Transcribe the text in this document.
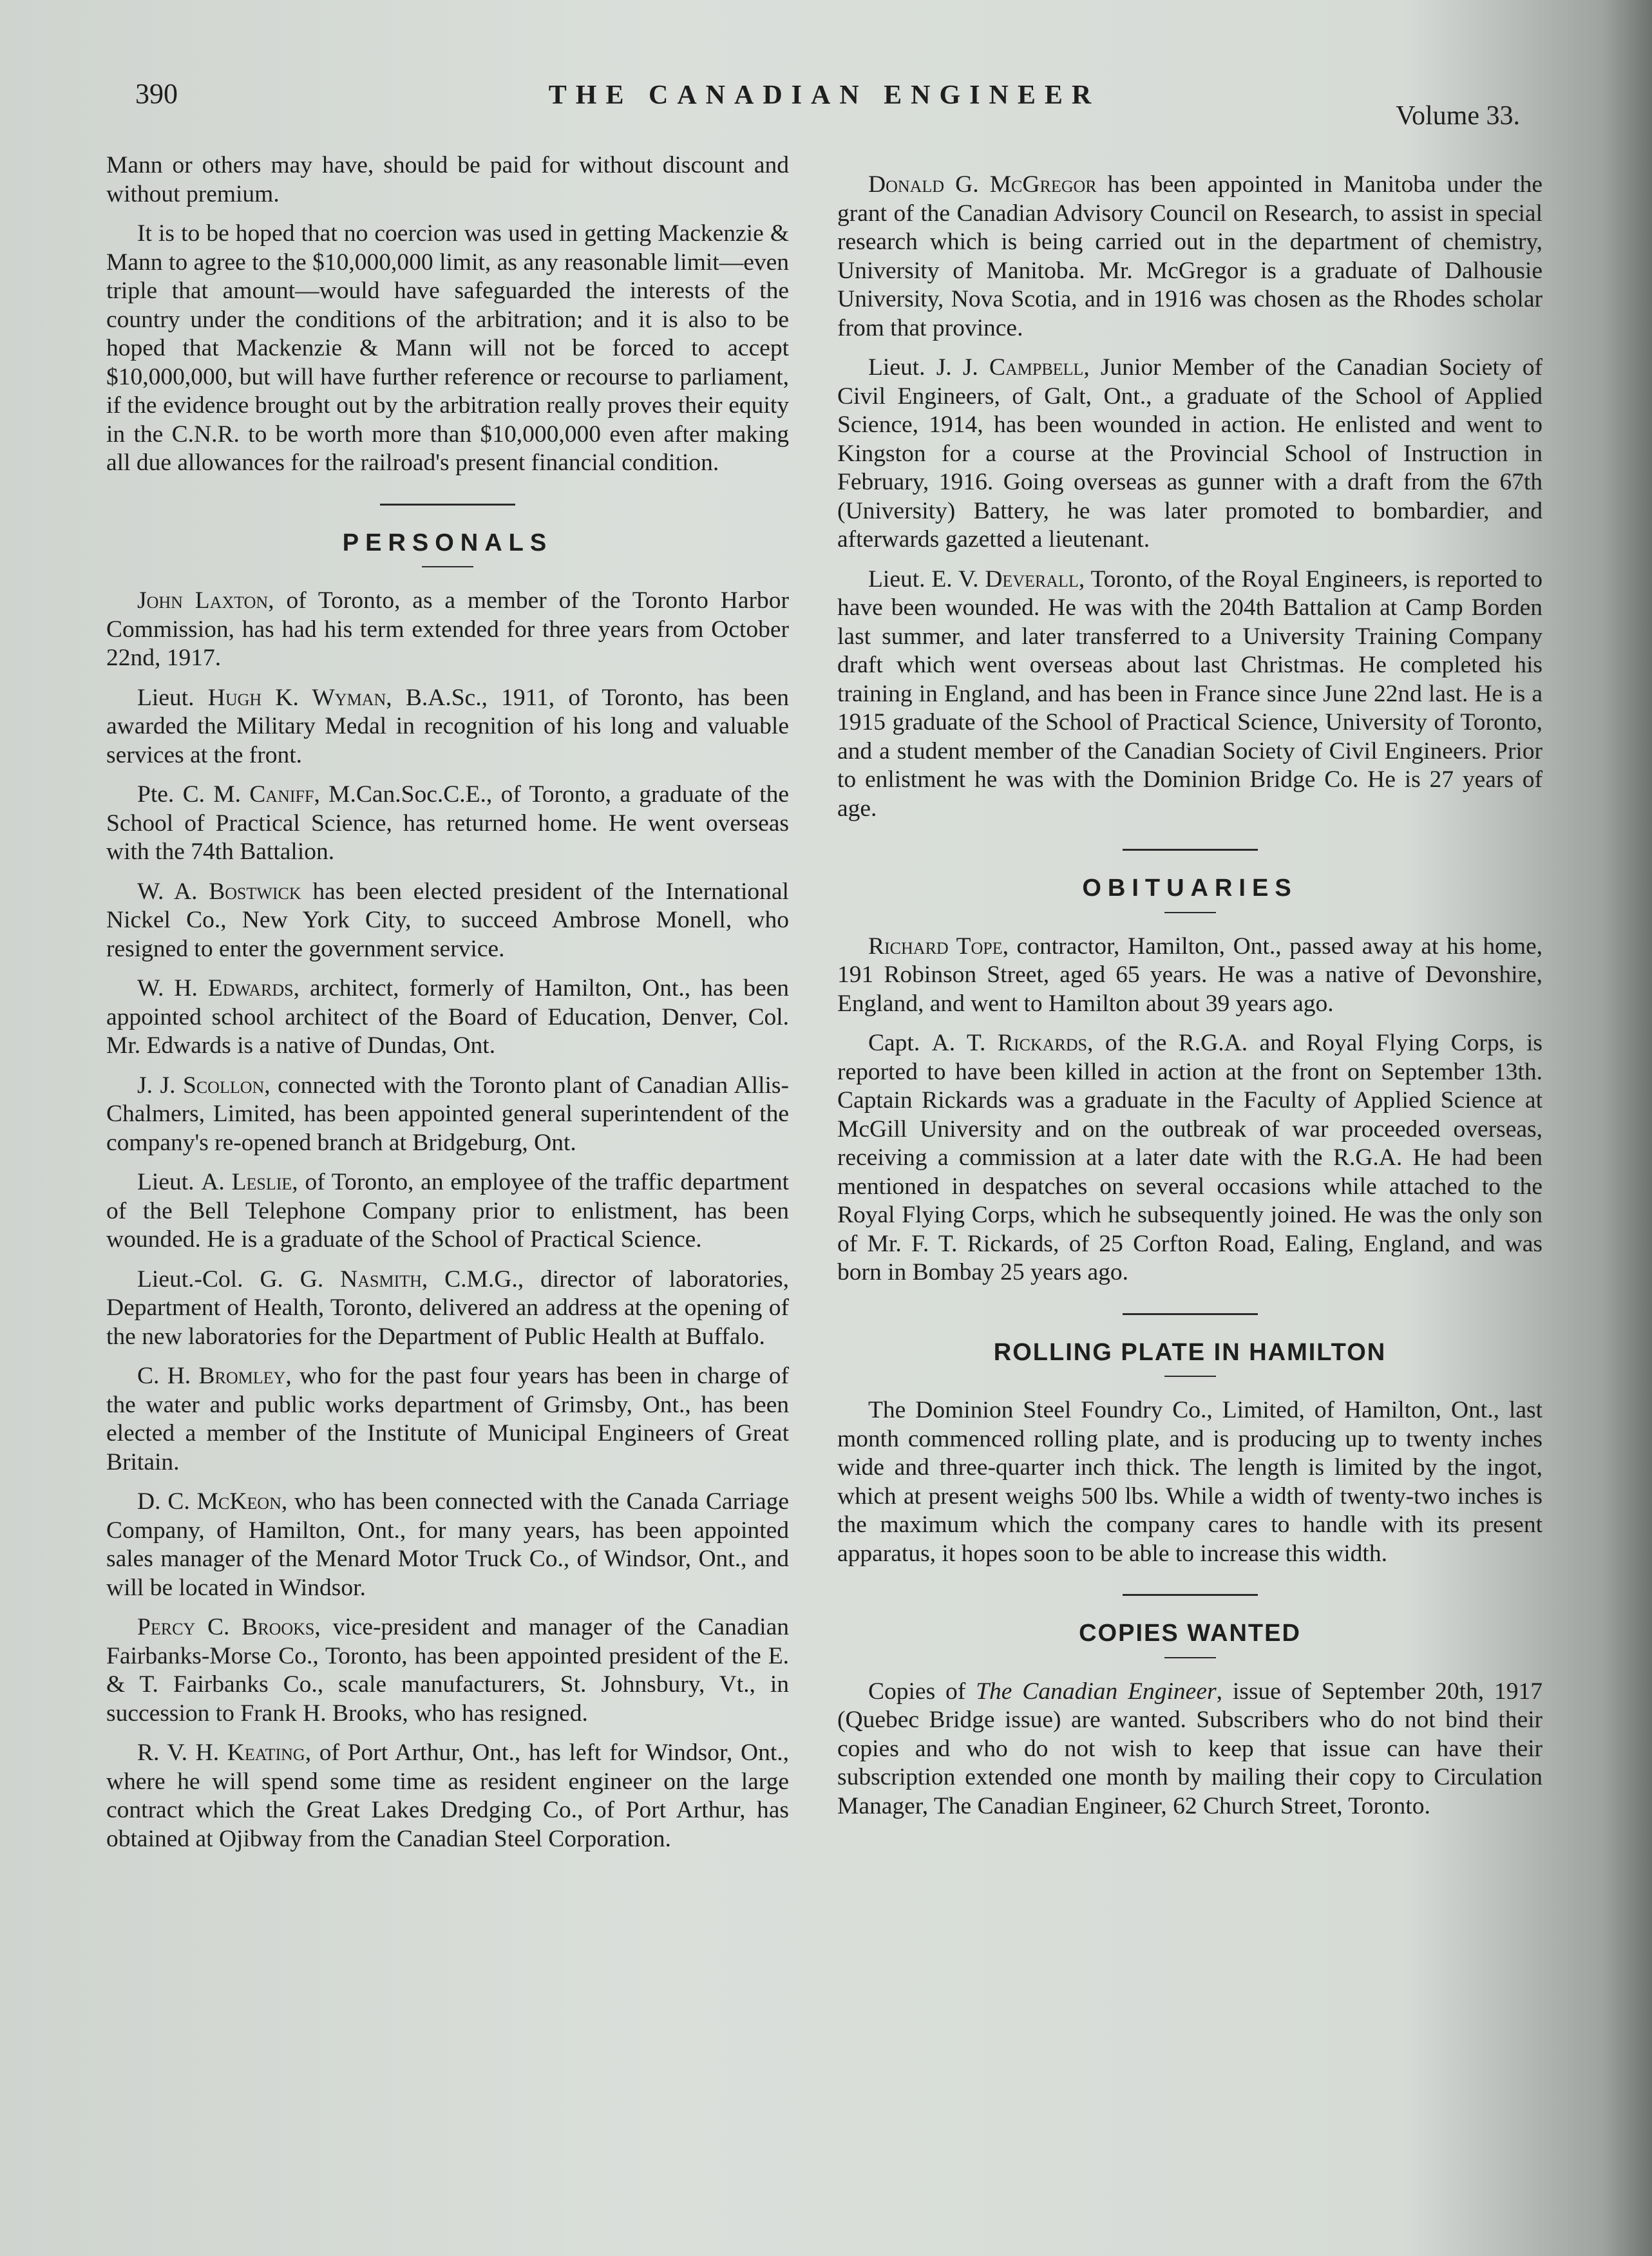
390	THE CANADIAN ENGINEER
Volume 33.

Mann or others may have, should be paid for without discount and without premium.

It is to be hoped that no coercion was used in getting Mackenzie & Mann to agree to the $10,000,000 limit, as any reasonable limit—even triple that amount—would have safeguarded the interests of the country under the conditions of the arbitration; and it is also to be hoped that Mackenzie & Mann will not be forced to accept $10,000,000, but will have further reference or recourse to parliament, if the evidence brought out by the arbitration really proves their equity in the C.N.R. to be worth more than $10,000,000 even after making all due allowances for the railroad's present financial condition.

PERSONALS

John Laxton, of Toronto, as a member of the Toronto Harbor Commission, has had his term extended for three years from October 22nd, 1917.

Lieut. Hugh K. Wyman, B.A.Sc., 1911, of Toronto, has been awarded the Military Medal in recognition of his long and valuable services at the front.

Pte. C. M. Caniff, M.Can.Soc.C.E., of Toronto, a graduate of the School of Practical Science, has returned home. He went overseas with the 74th Battalion.

W. A. Bostwick has been elected president of the International Nickel Co., New York City, to succeed Ambrose Monell, who resigned to enter the government service.

W. H. Edwards, architect, formerly of Hamilton, Ont., has been appointed school architect of the Board of Education, Denver, Col. Mr. Edwards is a native of Dundas, Ont.

J. J. Scollon, connected with the Toronto plant of Canadian Allis-Chalmers, Limited, has been appointed general superintendent of the company's re-opened branch at Bridgeburg, Ont.

Lieut. A. Leslie, of Toronto, an employee of the traffic department of the Bell Telephone Company prior to enlistment, has been wounded. He is a graduate of the School of Practical Science.

Lieut.-Col. G. G. Nasmith, C.M.G., director of laboratories, Department of Health, Toronto, delivered an address at the opening of the new laboratories for the Department of Public Health at Buffalo.

C. H. Bromley, who for the past four years has been in charge of the water and public works department of Grimsby, Ont., has been elected a member of the Institute of Municipal Engineers of Great Britain.

D. C. McKeon, who has been connected with the Canada Carriage Company, of Hamilton, Ont., for many years, has been appointed sales manager of the Menard Motor Truck Co., of Windsor, Ont., and will be located in Windsor.

Percy C. Brooks, vice-president and manager of the Canadian Fairbanks-Morse Co., Toronto, has been appointed president of the E. & T. Fairbanks Co., scale manufacturers, St. Johnsbury, Vt., in succession to Frank H. Brooks, who has resigned.

R. V. H. Keating, of Port Arthur, Ont., has left for Windsor, Ont., where he will spend some time as resident engineer on the large contract which the Great Lakes Dredging Co., of Port Arthur, has obtained at Ojibway from the Canadian Steel Corporation.

Donald G. McGregor has been appointed in Manitoba under the grant of the Canadian Advisory Council on Research, to assist in special research which is being carried out in the department of chemistry, University of Manitoba. Mr. McGregor is a graduate of Dalhousie University, Nova Scotia, and in 1916 was chosen as the Rhodes scholar from that province.

Lieut. J. J. Campbell, Junior Member of the Canadian Society of Civil Engineers, of Galt, Ont., a graduate of the School of Applied Science, 1914, has been wounded in action. He enlisted and went to Kingston for a course at the Provincial School of Instruction in February, 1916. Going overseas as gunner with a draft from the 67th (University) Battery, he was later promoted to bombardier, and afterwards gazetted a lieutenant.

Lieut. E. V. Deverall, Toronto, of the Royal Engineers, is reported to have been wounded. He was with the 204th Battalion at Camp Borden last summer, and later transferred to a University Training Company draft which went overseas about last Christmas. He completed his training in England, and has been in France since June 22nd last. He is a 1915 graduate of the School of Practical Science, University of Toronto, and a student member of the Canadian Society of Civil Engineers. Prior to enlistment he was with the Dominion Bridge Co. He is 27 years of age.

OBITUARIES

Richard Tope, contractor, Hamilton, Ont., passed away at his home, 191 Robinson Street, aged 65 years. He was a native of Devonshire, England, and went to Hamilton about 39 years ago.

Capt. A. T. Rickards, of the R.G.A. and Royal Flying Corps, is reported to have been killed in action at the front on September 13th. Captain Rickards was a graduate in the Faculty of Applied Science at McGill University and on the outbreak of war proceeded overseas, receiving a commission at a later date with the R.G.A. He had been mentioned in despatches on several occasions while attached to the Royal Flying Corps, which he subsequently joined. He was the only son of Mr. F. T. Rickards, of 25 Corfton Road, Ealing, England, and was born in Bombay 25 years ago.

ROLLING PLATE IN HAMILTON

The Dominion Steel Foundry Co., Limited, of Hamilton, Ont., last month commenced rolling plate, and is producing up to twenty inches wide and three-quarter inch thick. The length is limited by the ingot, which at present weighs 500 lbs. While a width of twenty-two inches is the maximum which the company cares to handle with its present apparatus, it hopes soon to be able to increase this width.

COPIES WANTED

Copies of The Canadian Engineer, issue of September 20th, 1917 (Quebec Bridge issue) are wanted. Subscribers who do not bind their copies and who do not wish to keep that issue can have their subscription extended one month by mailing their copy to Circulation Manager, The Canadian Engineer, 62 Church Street, Toronto.
